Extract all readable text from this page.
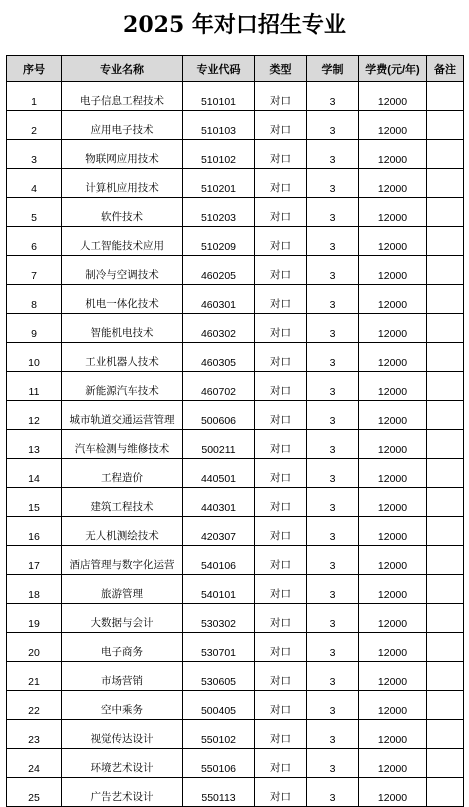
2025 年对口招生专业
序号	专业名称	专业代码	类型	学制	学费(元/年)	备注
1	电子信息工程技术	510101	对口	3	12000	
2	应用电子技术	510103	对口	3	12000	
3	物联网应用技术	510102	对口	3	12000	
4	计算机应用技术	510201	对口	3	12000	
5	软件技术	510203	对口	3	12000	
6	人工智能技术应用	510209	对口	3	12000	
7	制冷与空调技术	460205	对口	3	12000	
8	机电一体化技术	460301	对口	3	12000	
9	智能机电技术	460302	对口	3	12000	
10	工业机器人技术	460305	对口	3	12000	
11	新能源汽车技术	460702	对口	3	12000	
12	城市轨道交通运营管理	500606	对口	3	12000	
13	汽车检测与维修技术	500211	对口	3	12000	
14	工程造价	440501	对口	3	12000	
15	建筑工程技术	440301	对口	3	12000	
16	无人机测绘技术	420307	对口	3	12000	
17	酒店管理与数字化运营	540106	对口	3	12000	
18	旅游管理	540101	对口	3	12000	
19	大数据与会计	530302	对口	3	12000	
20	电子商务	530701	对口	3	12000	
21	市场营销	530605	对口	3	12000	
22	空中乘务	500405	对口	3	12000	
23	视觉传达设计	550102	对口	3	12000	
24	环境艺术设计	550106	对口	3	12000	
25	广告艺术设计	550113	对口	3	12000	
